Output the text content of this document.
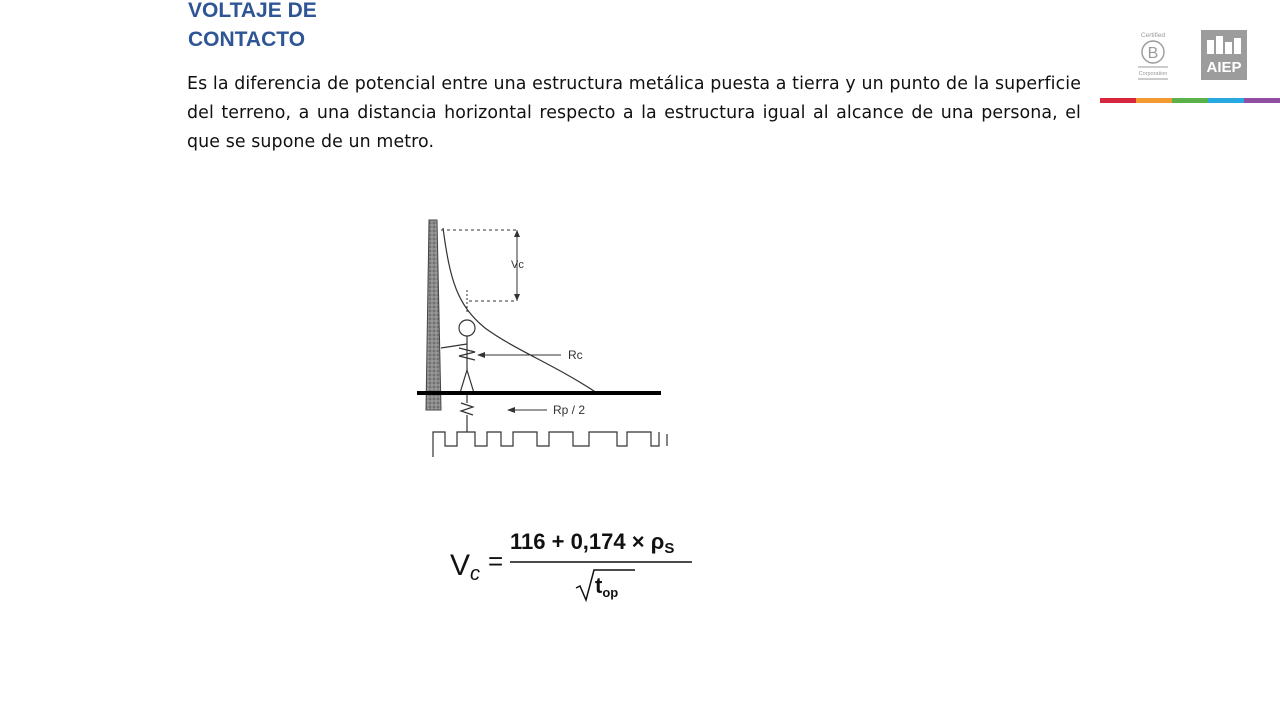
VOLTAJE DE
CONTACTO
Es la diferencia de potencial entre una estructura metálica puesta a tierra y un punto de la superficie del terreno, a una distancia horizontal respecto a la estructura igual al alcance de una persona, el que se supone de un metro.
Certified
B
Corporation	AIEP
Vc
Rc
Rp / 2
Vc =
116 + 0,174 × ρS
top
